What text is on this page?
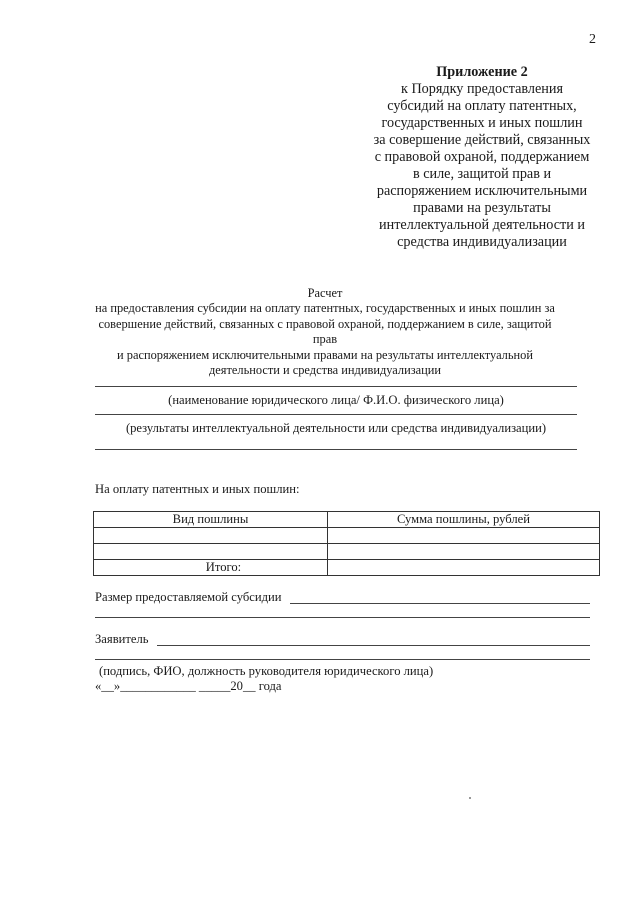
2
Приложение 2
к Порядку предоставления
субсидий на оплату патентных,
государственных и иных пошлин
за совершение действий, связанных
с правовой охраной, поддержанием
в силе, защитой прав и
распоряжением исключительными
правами на результаты
интеллектуальной деятельности и
средства индивидуализации
Расчет
на предоставления субсидии на оплату патентных, государственных и иных пошлин за
совершение действий, связанных с правовой охраной, поддержанием в силе, защитой прав
и распоряжением исключительными правами на результаты интеллектуальной
деятельности и средства индивидуализации
(наименование юридического лица/ Ф.И.О. физического лица)
(результаты интеллектуальной деятельности или средства индивидуализации)
На оплату патентных и иных пошлин:
Вид пошлины	Сумма пошлины, рублей

Итого:	
Размер предоставляемой субсидии
Заявитель
(подпись, ФИО, должность руководителя юридического лица)
«__»____________ _____20__ года
